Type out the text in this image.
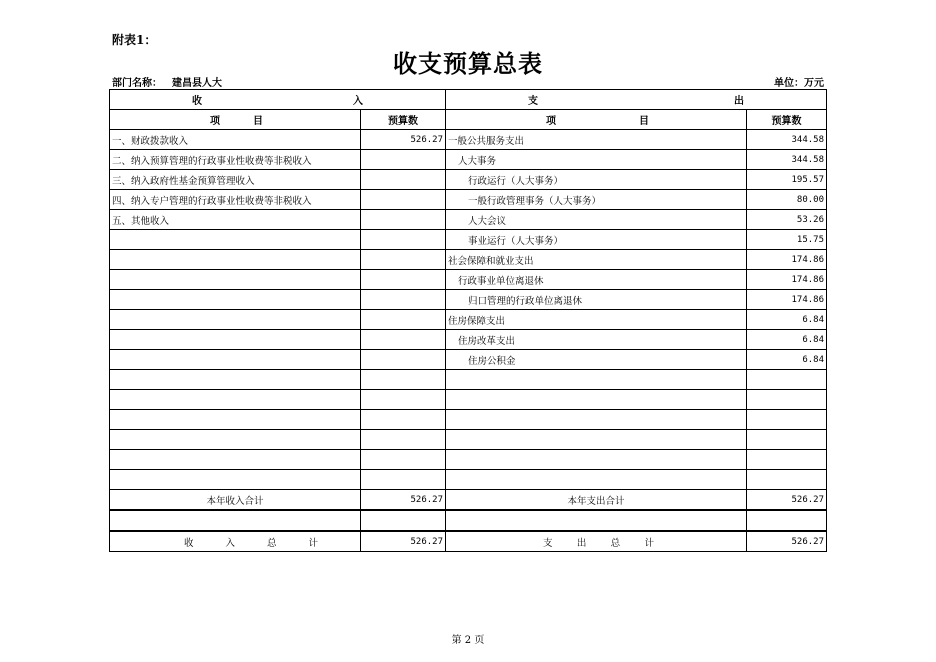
附表1：
收支预算总表
部门名称： 建昌县人大	单位：万元
收 入		支 出	

项 目	预算数	项 目	预算数
一、财政拨款收入	526.27	一般公共服务支出	344.58
二、纳入预算管理的行政事业性收费等非税收入		人大事务	344.58
三、纳入政府性基金预算管理收入		行政运行（人大事务）	195.57
四、纳入专户管理的行政事业性收费等非税收入		一般行政管理事务（人大事务）	80.00
五、其他收入		人大会议	53.26
		事业运行（人大事务）	15.75
		社会保障和就业支出	174.86
		行政事业单位离退休	174.86
		归口管理的行政单位离退休	174.86
		住房保障支出	6.84
		住房改革支出	6.84
		住房公积金	6.84

本年收入合计	526.27	本年支出合计	526.27

收 入 总 计	526.27	支 出 总 计	526.27
第 2 页
